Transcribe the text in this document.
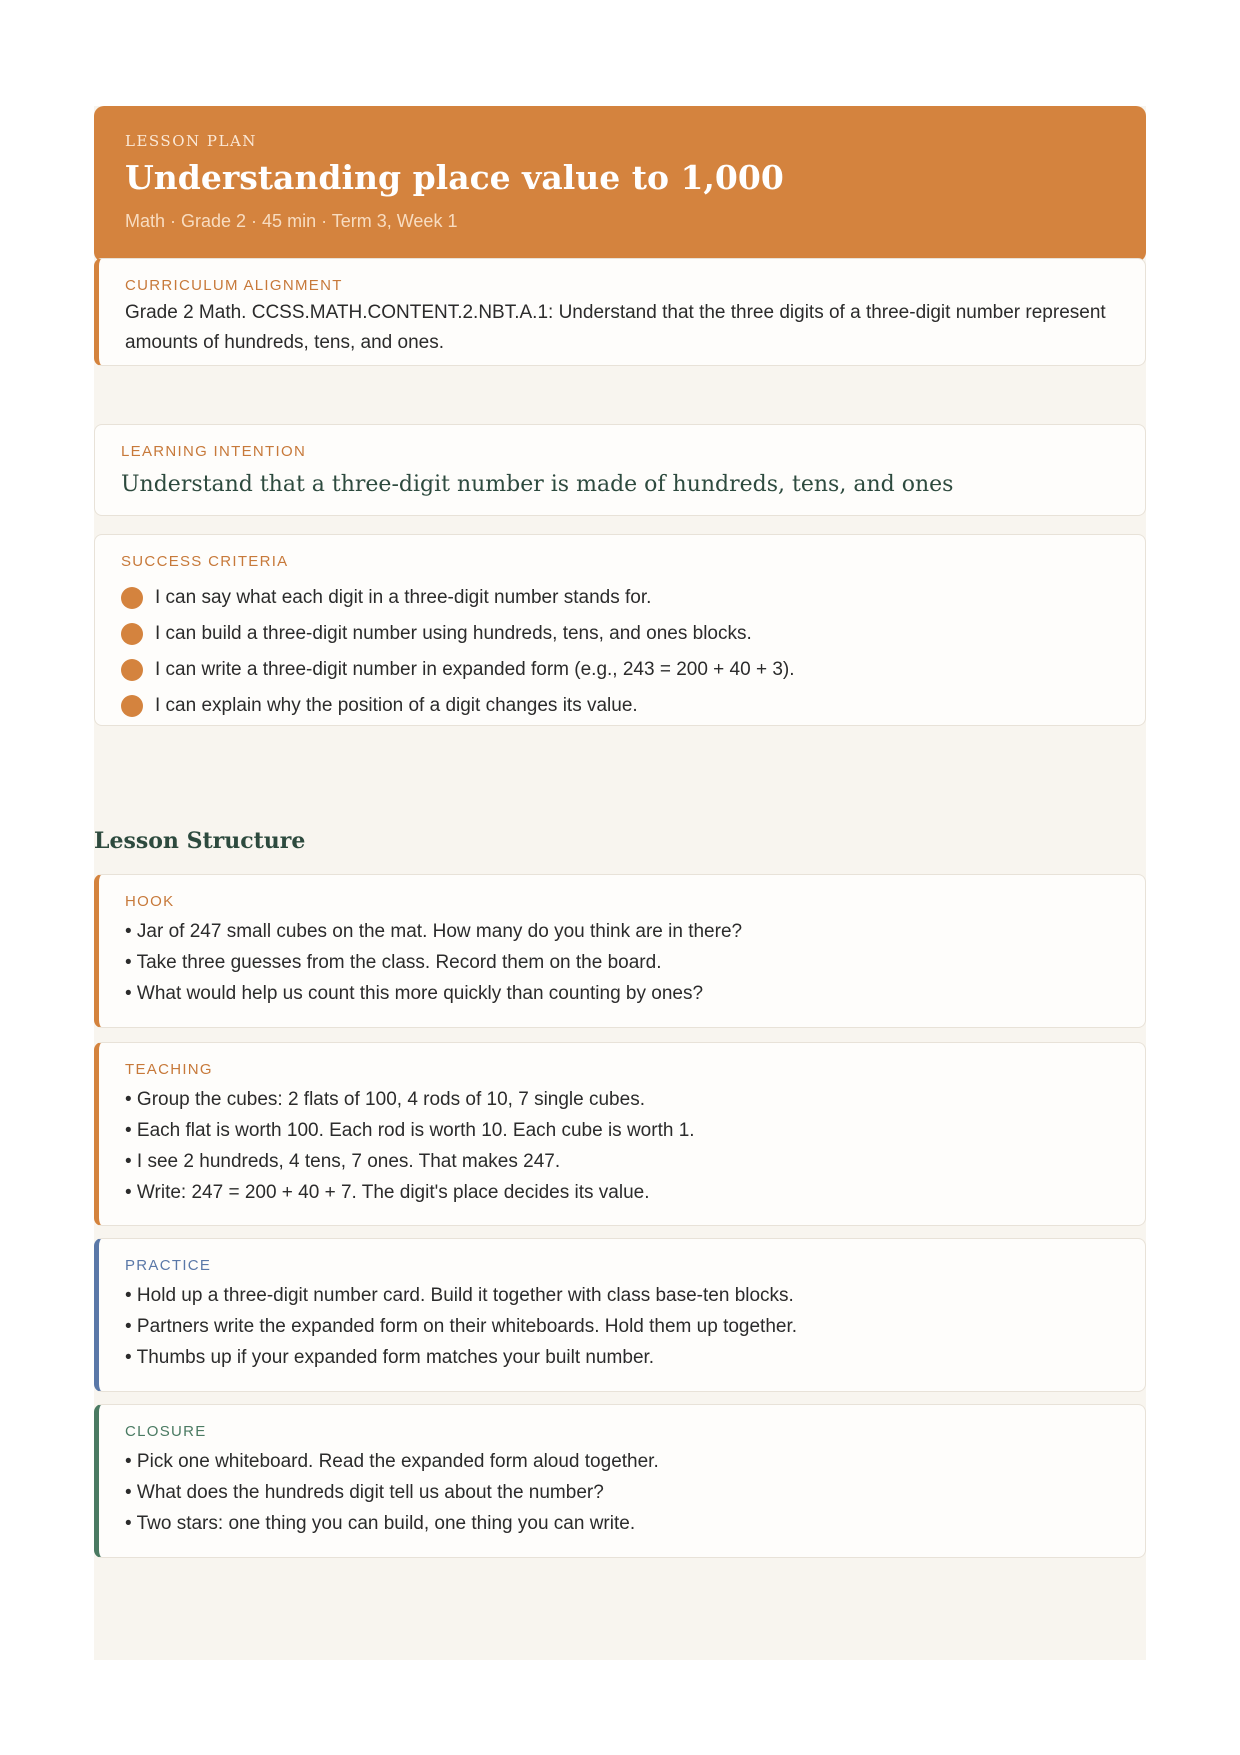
LESSON PLAN
Understanding place value to 1,000
Math · Grade 2 · 45 min · Term 3, Week 1
CURRICULUM ALIGNMENT
Grade 2 Math. CCSS.MATH.CONTENT.2.NBT.A.1: Understand that the three digits of a three-digit number represent amounts of hundreds, tens, and ones.
LEARNING INTENTION
Understand that a three-digit number is made of hundreds, tens, and ones
SUCCESS CRITERIA
I can say what each digit in a three-digit number stands for.
I can build a three-digit number using hundreds, tens, and ones blocks.
I can write a three-digit number in expanded form (e.g., 243 = 200 + 40 + 3).
I can explain why the position of a digit changes its value.
Lesson Structure
HOOK
• Jar of 247 small cubes on the mat. How many do you think are in there?
• Take three guesses from the class. Record them on the board.
• What would help us count this more quickly than counting by ones?
TEACHING
• Group the cubes: 2 flats of 100, 4 rods of 10, 7 single cubes.
• Each flat is worth 100. Each rod is worth 10. Each cube is worth 1.
• I see 2 hundreds, 4 tens, 7 ones. That makes 247.
• Write: 247 = 200 + 40 + 7. The digit's place decides its value.
PRACTICE
• Hold up a three-digit number card. Build it together with class base-ten blocks.
• Partners write the expanded form on their whiteboards. Hold them up together.
• Thumbs up if your expanded form matches your built number.
CLOSURE
• Pick one whiteboard. Read the expanded form aloud together.
• What does the hundreds digit tell us about the number?
• Two stars: one thing you can build, one thing you can write.
